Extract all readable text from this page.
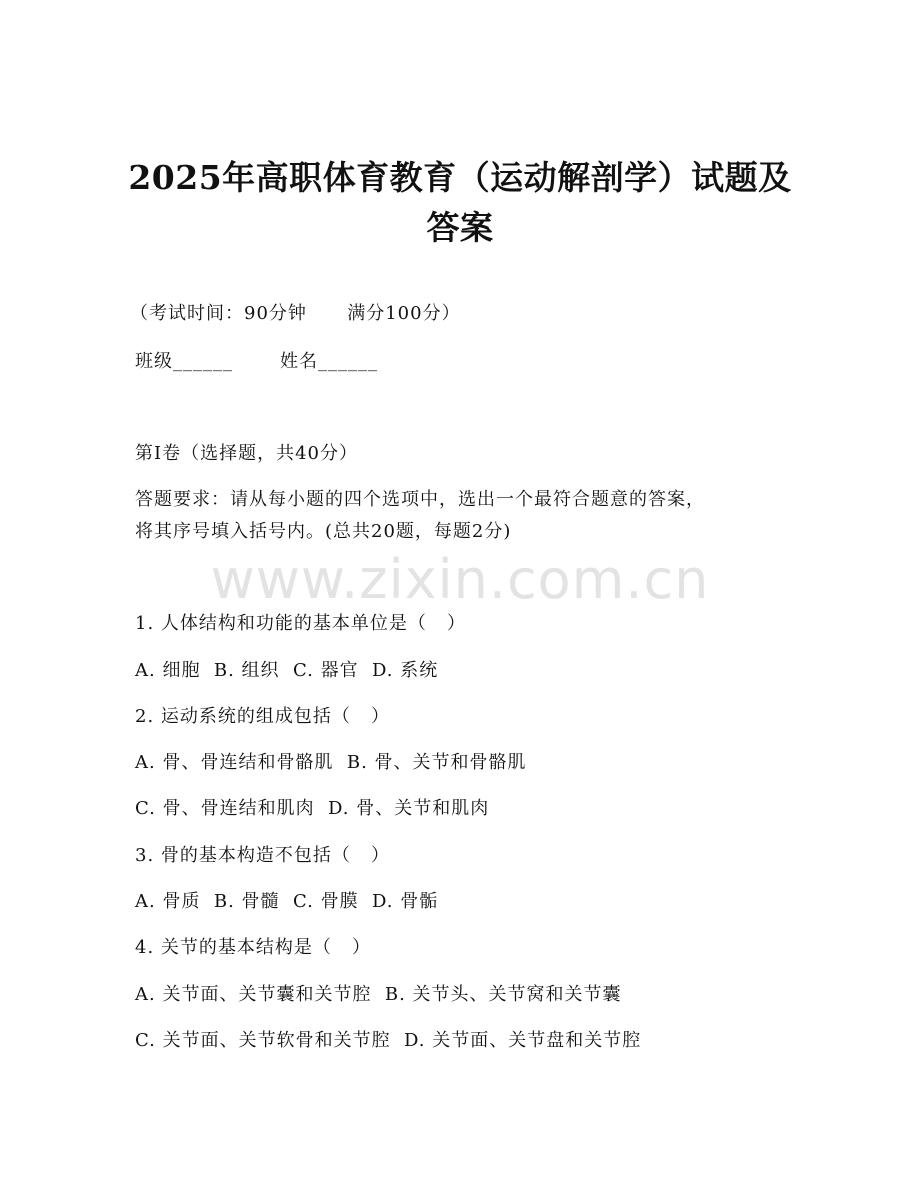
2025年高职体育教育（运动解剖学）试题及
答案
（考试时间：90分钟      满分100分）
班级______       姓名______
第I卷（选择题，共40分）
答题要求：请从每小题的四个选项中，选出一个最符合题意的答案，
将其序号填入括号内。(总共20题，每题2分)
www.zixin.com.cn
1. 人体结构和功能的基本单位是（   ）
A. 细胞  B. 组织  C. 器官  D. 系统
2. 运动系统的组成包括（   ）
A. 骨、骨连结和骨骼肌  B. 骨、关节和骨骼肌
C. 骨、骨连结和肌肉  D. 骨、关节和肌肉
3. 骨的基本构造不包括（   ）
A. 骨质  B. 骨髓  C. 骨膜  D. 骨骺
4. 关节的基本结构是（   ）
A. 关节面、关节囊和关节腔  B. 关节头、关节窝和关节囊
C. 关节面、关节软骨和关节腔  D. 关节面、关节盘和关节腔
